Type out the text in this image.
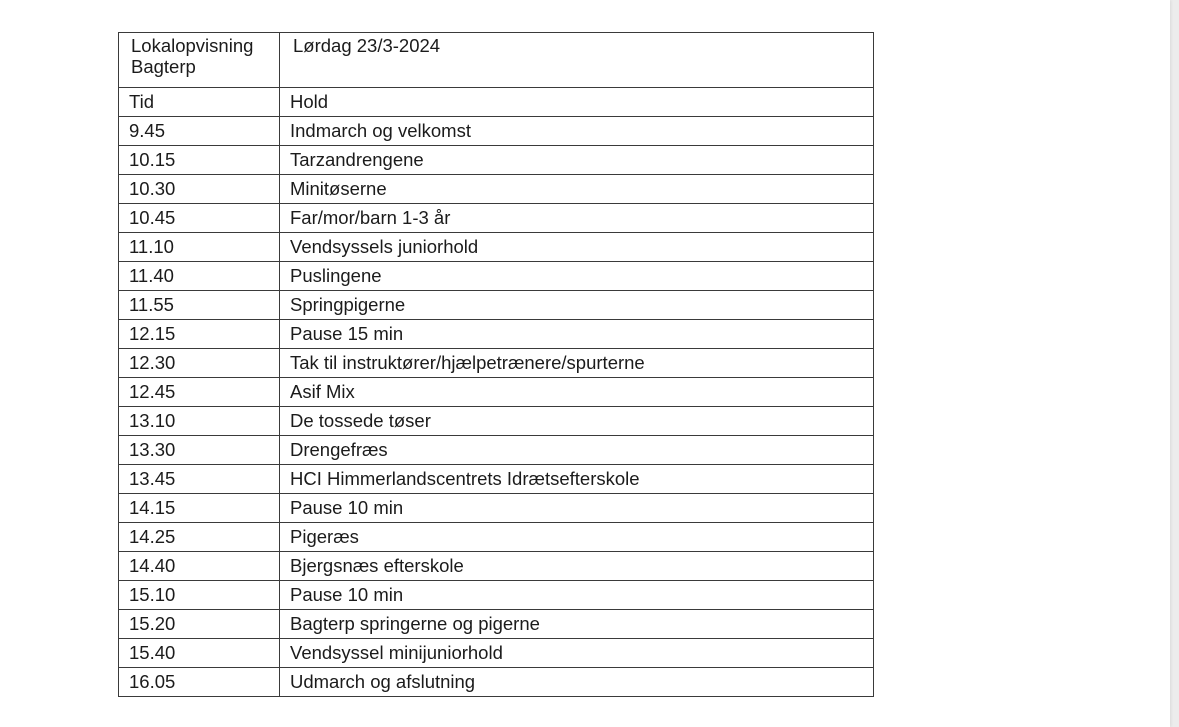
Lokalopvisning
Bagterp	Lørdag 23/3-2024
Tid	Hold
9.45	Indmarch og velkomst
10.15	Tarzandrengene
10.30	Minitøserne
10.45	Far/mor/barn 1-3 år
11.10	Vendsyssels juniorhold
11.40	Puslingene
11.55	Springpigerne
12.15	Pause 15 min
12.30	Tak til instruktører/hjælpetrænere/spurterne
12.45	Asif Mix
13.10	De tossede tøser
13.30	Drengefræs
13.45	HCI Himmerlandscentrets Idrætsefterskole
14.15	Pause 10 min
14.25	Pigeræs
14.40	Bjergsnæs efterskole
15.10	Pause 10 min
15.20	Bagterp springerne og pigerne
15.40	Vendsyssel minijuniorhold
16.05	Udmarch og afslutning
